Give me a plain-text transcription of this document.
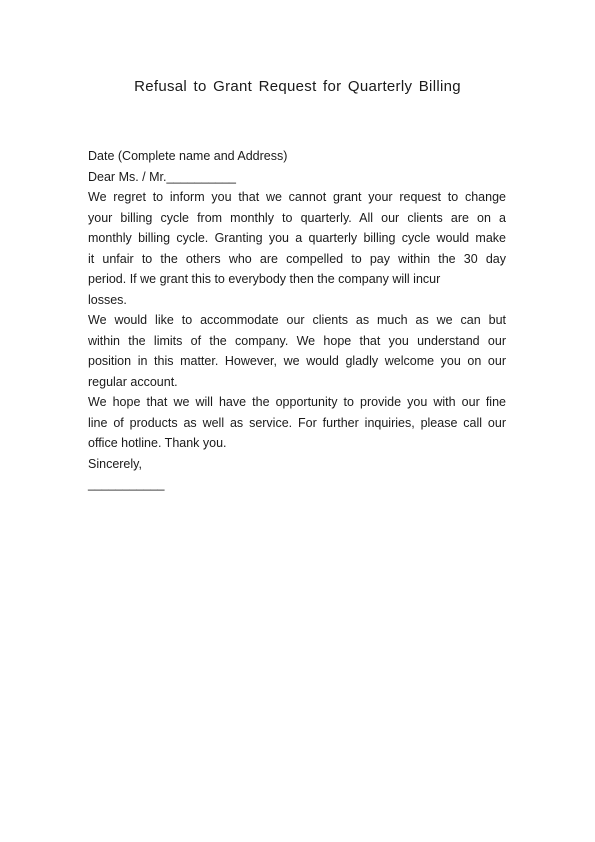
Refusal to Grant Request for Quarterly Billing
Date (Complete name and Address)
Dear Ms. / Mr.__________
We regret to inform you that we cannot grant your request to change
your billing cycle from monthly to quarterly. All our clients are on a
monthly billing cycle. Granting you a quarterly billing cycle would make
it unfair to the others who are compelled to pay within the 30 day
period. If we grant this to everybody then the company will incur
losses.
We would like to accommodate our clients as much as we can but
within the limits of the company. We hope that you understand our
position in this matter. However, we would gladly welcome you on our
regular account.
We hope that we will have the opportunity to provide you with our fine
line of products as well as service. For further inquiries, please call our
office hotline. Thank you.
Sincerely,
___________
